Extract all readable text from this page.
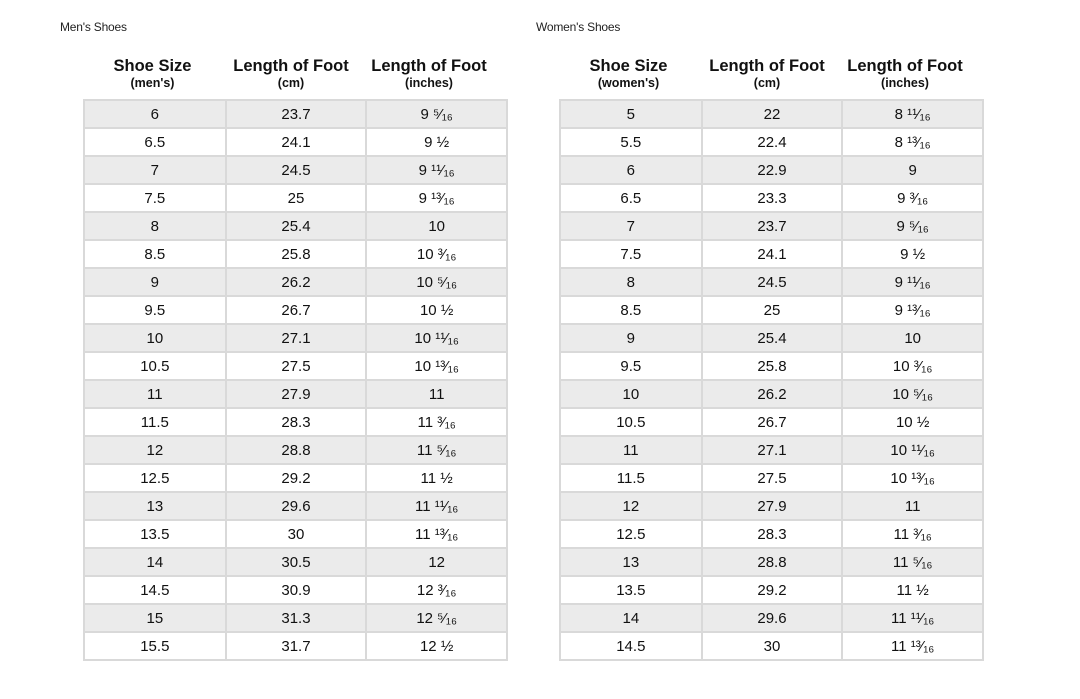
Men's Shoes
Shoe Size
(men's)
Length of Foot
(cm)
Length of Foot
(inches)
6	23.7	9 ⁵⁄₁₆
6.5	24.1	9 ½
7	24.5	9 ¹¹⁄₁₆
7.5	25	9 ¹³⁄₁₆
8	25.4	10
8.5	25.8	10 ³⁄₁₆
9	26.2	10 ⁵⁄₁₆
9.5	26.7	10 ½
10	27.1	10 ¹¹⁄₁₆
10.5	27.5	10 ¹³⁄₁₆
11	27.9	11
11.5	28.3	11 ³⁄₁₆
12	28.8	11 ⁵⁄₁₆
12.5	29.2	11 ½
13	29.6	11 ¹¹⁄₁₆
13.5	30	11 ¹³⁄₁₆
14	30.5	12
14.5	30.9	12 ³⁄₁₆
15	31.3	12 ⁵⁄₁₆
15.5	31.7	12 ½
Women's Shoes
Shoe Size
(women's)
Length of Foot
(cm)
Length of Foot
(inches)
5	22	8 ¹¹⁄₁₆
5.5	22.4	8 ¹³⁄₁₆
6	22.9	9
6.5	23.3	9 ³⁄₁₆
7	23.7	9 ⁵⁄₁₆
7.5	24.1	9 ½
8	24.5	9 ¹¹⁄₁₆
8.5	25	9 ¹³⁄₁₆
9	25.4	10
9.5	25.8	10 ³⁄₁₆
10	26.2	10 ⁵⁄₁₆
10.5	26.7	10 ½
11	27.1	10 ¹¹⁄₁₆
11.5	27.5	10 ¹³⁄₁₆
12	27.9	11
12.5	28.3	11 ³⁄₁₆
13	28.8	11 ⁵⁄₁₆
13.5	29.2	11 ½
14	29.6	11 ¹¹⁄₁₆
14.5	30	11 ¹³⁄₁₆
